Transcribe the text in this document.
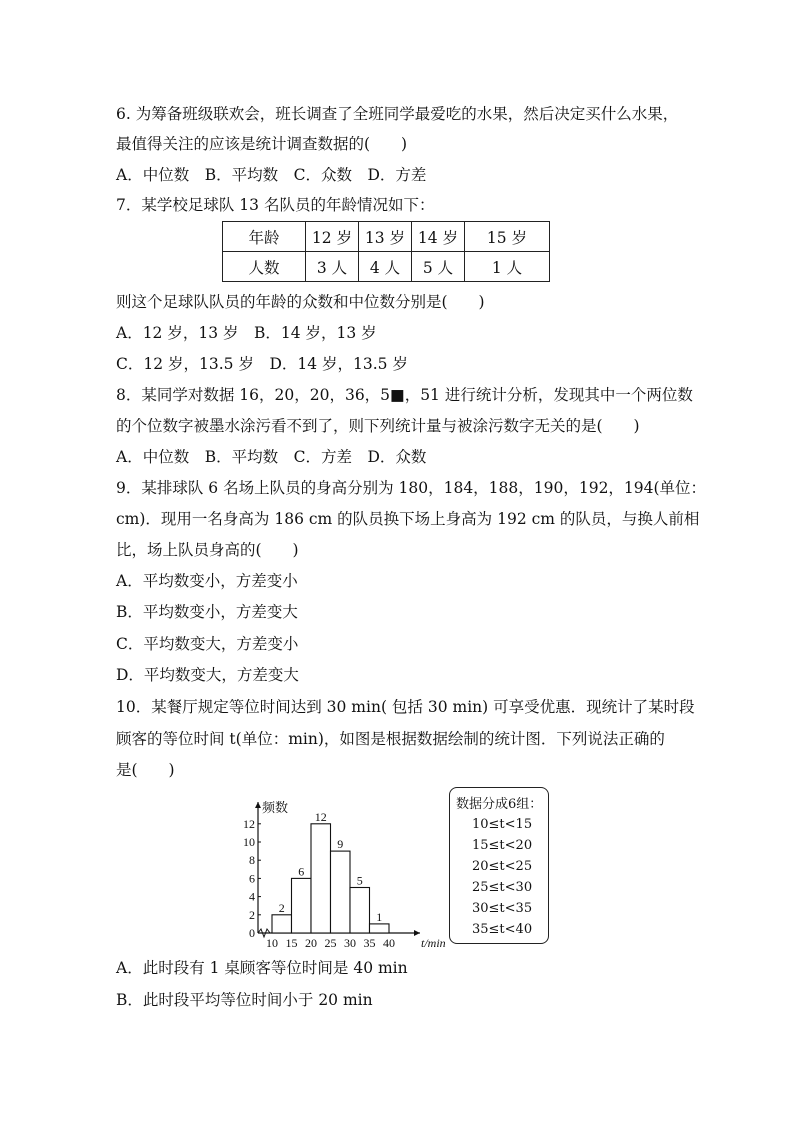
6. 为筹备班级联欢会，班长调查了全班同学最爱吃的水果，然后决定买什么水果，
最值得关注的应该是统计调查数据的(　　)
A．中位数　B．平均数　C．众数　D．方差
7．某学校足球队 13 名队员的年龄情况如下：
年龄	12 岁	13 岁	14 岁	15 岁
人数	3 人	4 人	5 人	1 人
则这个足球队队员的年龄的众数和中位数分别是(　　)
A．12 岁，13 岁　B．14 岁，13 岁
C．12 岁，13.5 岁　D．14 岁，13.5 岁
8．某同学对数据 16，20，20，36，5■，51 进行统计分析，发现其中一个两位数
的个位数字被墨水涂污看不到了，则下列统计量与被涂污数字无关的是(　　)
A．中位数　B．平均数　C．方差　D．众数
9．某排球队 6 名场上队员的身高分别为 180，184，188，190，192，194(单位：
cm)．现用一名身高为 186 cm 的队员换下场上身高为 192 cm 的队员，与换人前相
比，场上队员身高的(　　)
A．平均数变小，方差变小
B．平均数变小，方差变大
C．平均数变大，方差变小
D．平均数变大，方差变大
10．某餐厅规定等位时间达到 30 min( 包括 30 min) 可享受优惠．现统计了某时段
顾客的等位时间 t(单位：min)，如图是根据数据绘制的统计图．下列说法正确的
是(　　)
频数
0
2
4
6
8
10
12
2
6
12
9
5
1
10 15 20 25 30 35 40 t/min
数据分成6组：
10≤t<15
15≤t<20
20≤t<25
25≤t<30
30≤t<35
35≤t<40
A．此时段有 1 桌顾客等位时间是 40 min
B．此时段平均等位时间小于 20 min
